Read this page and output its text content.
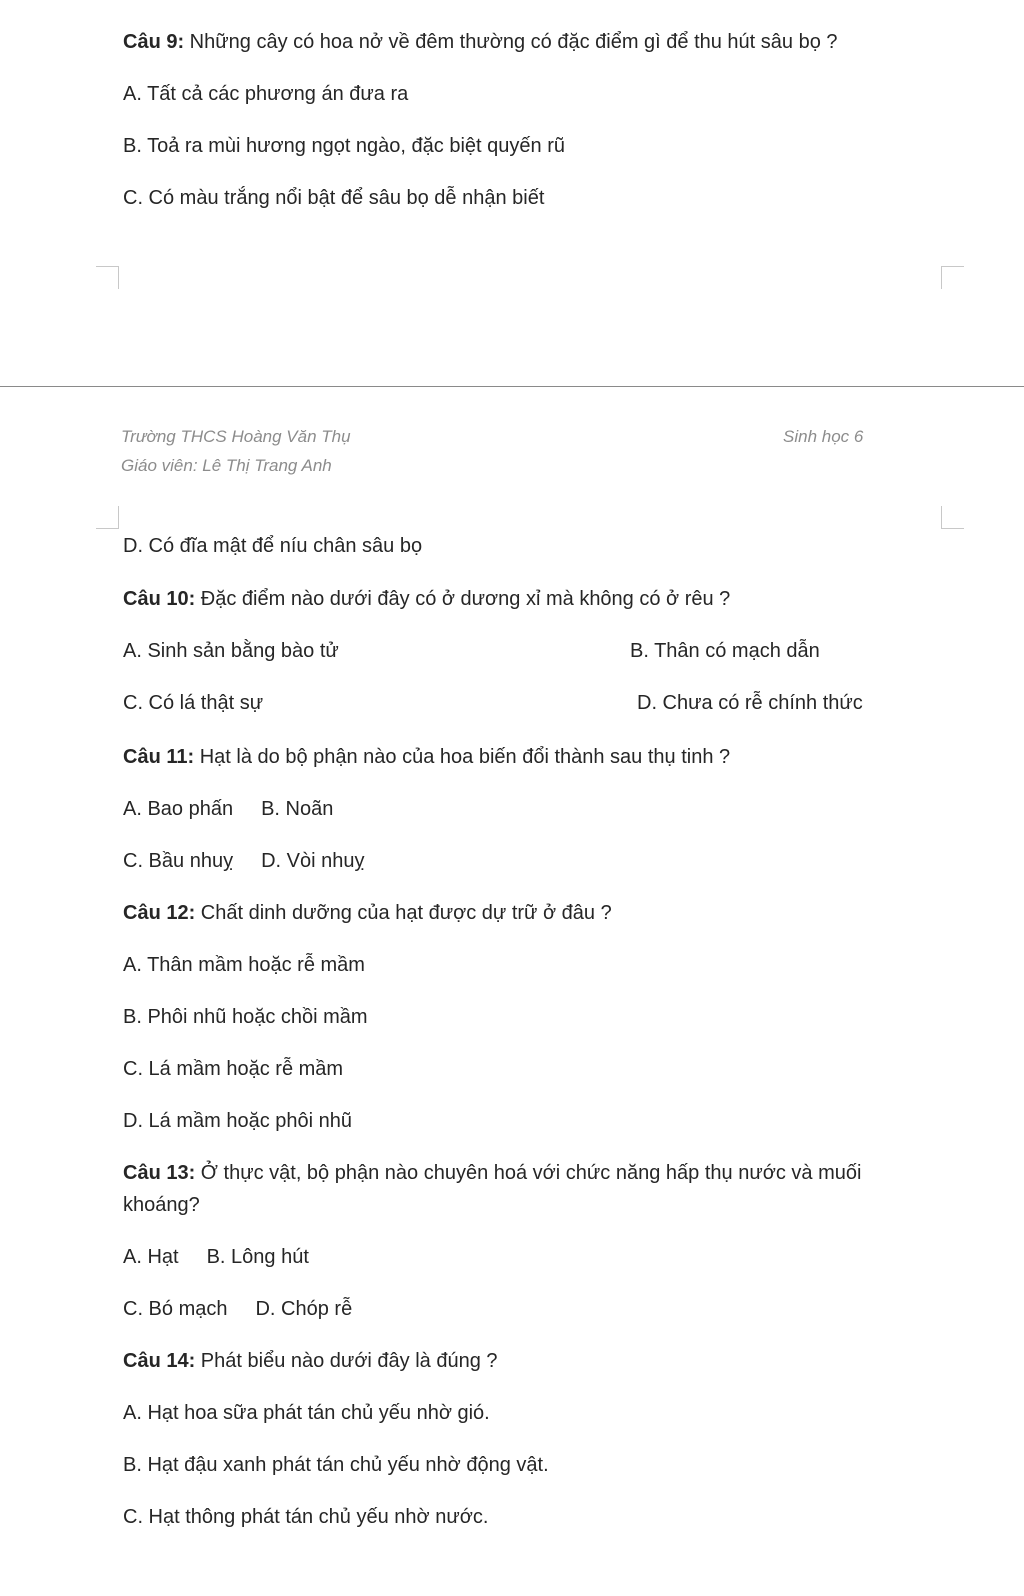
Câu 9: Những cây có hoa nở về đêm thường có đặc điểm gì để thu hút sâu bọ ?

A. Tất cả các phương án đưa ra

B. Toả ra mùi hương ngọt ngào, đặc biệt quyến rũ

C. Có màu trắng nổi bật để sâu bọ dễ nhận biết

Trường THCS Hoàng Văn Thụ	Sinh học 6

Giáo viên: Lê Thị Trang Anh

D. Có đĩa mật để níu chân sâu bọ

Câu 10: Đặc điểm nào dưới đây có ở dương xỉ mà không có ở rêu ?

A. Sinh sản bằng bào tử	B. Thân có mạch dẫn

C. Có lá thật sự	D. Chưa có rễ chính thức

Câu 11: Hạt là do bộ phận nào của hoa biến đổi thành sau thụ tinh ?

A. Bao phấn B. Noãn

C. Bầu nhuỵ D. Vòi nhuỵ

Câu 12: Chất dinh dưỡng của hạt được dự trữ ở đâu ?

A. Thân mầm hoặc rễ mầm

B. Phôi nhũ hoặc chồi mầm

C. Lá mầm hoặc rễ mầm

D. Lá mầm hoặc phôi nhũ

Câu 13: Ở thực vật, bộ phận nào chuyên hoá với chức năng hấp thụ nước và muối

khoáng?

A. Hạt B. Lông hút

C. Bó mạch D. Chóp rễ

Câu 14: Phát biểu nào dưới đây là đúng ?

A. Hạt hoa sữa phát tán chủ yếu nhờ gió.

B. Hạt đậu xanh phát tán chủ yếu nhờ động vật.

C. Hạt thông phát tán chủ yếu nhờ nước.
